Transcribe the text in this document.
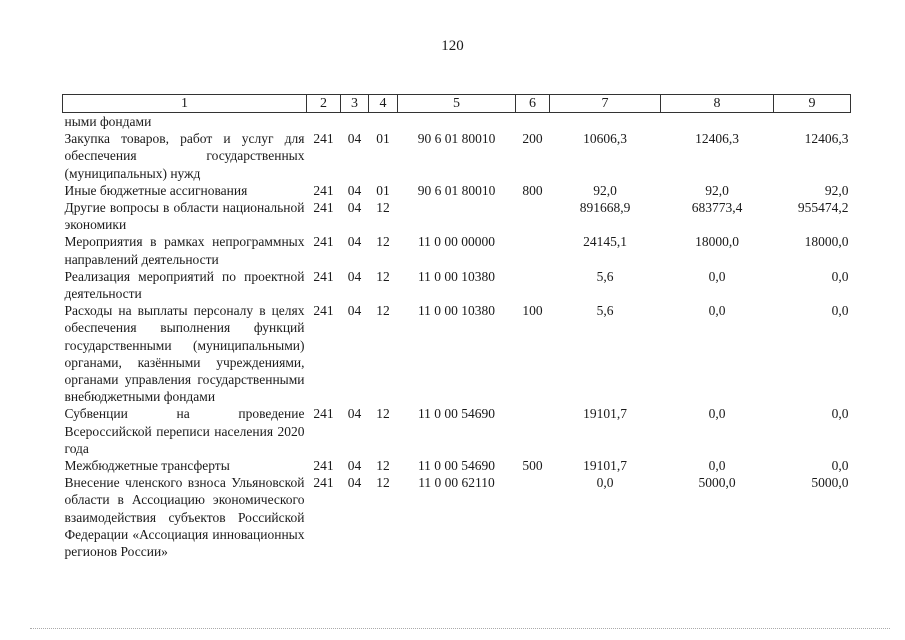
120
1	2	3	4	5	6	7	8	9
ными фондами								
Закупка товаров, работ и услуг для обеспечения государственных (муниципальных) нужд	241	04	01	90 6 01 80010	200	10606,3	12406,3	12406,3
Иные бюджетные ассигнования	241	04	01	90 6 01 80010	800	92,0	92,0	92,0
Другие вопросы в области национальной экономики	241	04	12			891668,9	683773,4	955474,2
Мероприятия в рамках непрограммных направлений деятельности	241	04	12	11 0 00 00000		24145,1	18000,0	18000,0
Реализация мероприятий по проектной деятельности	241	04	12	11 0 00 10380		5,6	0,0	0,0
Расходы на выплаты персоналу в целях обеспечения выполнения функций государственными (муниципальными) органами, казёнными учреждениями, органами управления государственными внебюджетными фондами	241	04	12	11 0 00 10380	100	5,6	0,0	0,0
Субвенции на проведение Всероссийской переписи населения 2020 года	241	04	12	11 0 00 54690		19101,7	0,0	0,0
Межбюджетные трансферты	241	04	12	11 0 00 54690	500	19101,7	0,0	0,0
Внесение членского взноса Ульяновской области в Ассоциацию экономического взаимодействия субъектов Российской Федерации «Ассоциация инновационных регионов России»	241	04	12	11 0 00 62110		0,0	5000,0	5000,0
